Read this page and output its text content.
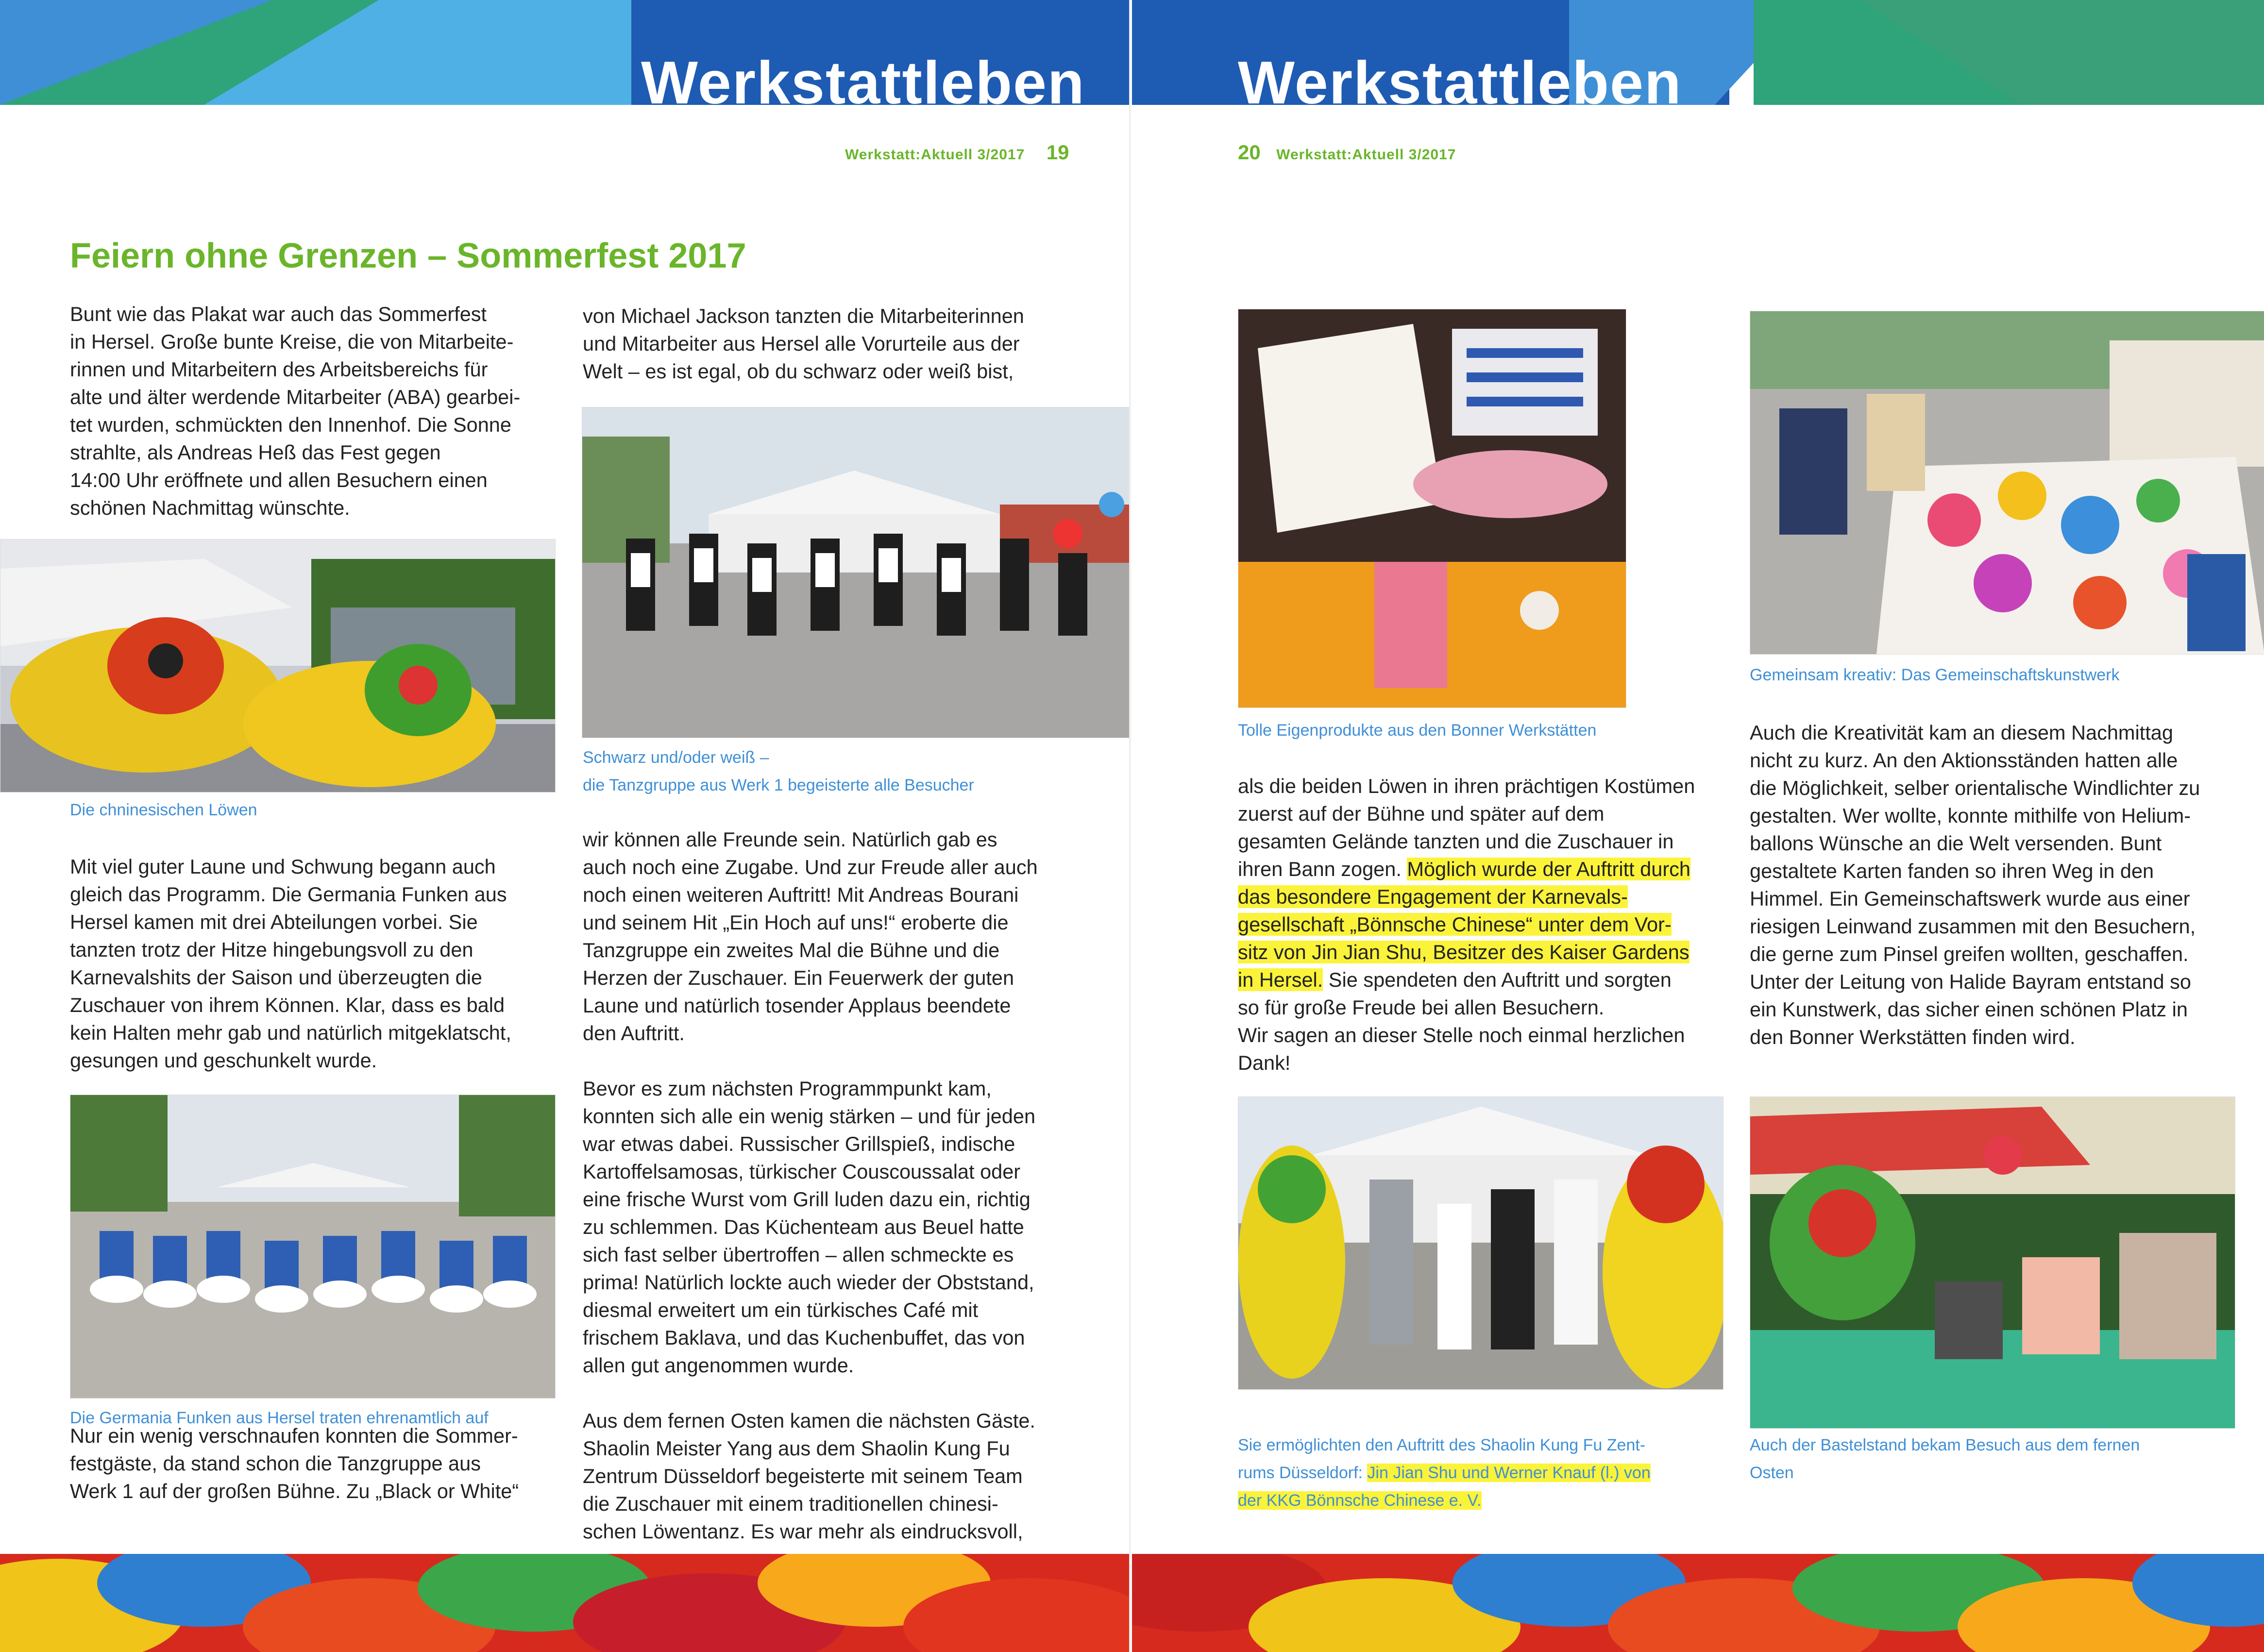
Werkstattleben
Werkstatt:Aktuell 3/2017 19
Feiern ohne Grenzen – Sommerfest 2017

Bunt wie das Plakat war auch das Sommerfest
in Hersel. Große bunte Kreise, die von Mitarbeite-
rinnen und Mitarbeitern des Arbeitsbereichs für
alte und älter werdende Mitarbeiter (ABA) gearbei-
tet wurden, schmückten den Innenhof. Die Sonne
strahlte, als Andreas Heß das Fest gegen
14:00 Uhr eröffnete und allen Besuchern einen
schönen Nachmittag wünschte.

Die chninesischen Löwen

Mit viel guter Laune und Schwung begann auch
gleich das Programm. Die Germania Funken aus
Hersel kamen mit drei Abteilungen vorbei. Sie
tanzten trotz der Hitze hingebungsvoll zu den
Karnevalshits der Saison und überzeugten die
Zuschauer von ihrem Können. Klar, dass es bald
kein Halten mehr gab und natürlich mitgeklatscht,
gesungen und geschunkelt wurde.

Die Germania Funken aus Hersel traten ehrenamtlich auf

Nur ein wenig verschnaufen konnten die Sommer-
festgäste, da stand schon die Tanzgruppe aus
Werk 1 auf der großen Bühne. Zu „Black or White“

von Michael Jackson tanzten die Mitarbeiterinnen
und Mitarbeiter aus Hersel alle Vorurteile aus der
Welt – es ist egal, ob du schwarz oder weiß bist,

Schwarz und/oder weiß –
die Tanzgruppe aus Werk 1 begeisterte alle Besucher

wir können alle Freunde sein. Natürlich gab es
auch noch eine Zugabe. Und zur Freude aller auch
noch einen weiteren Auftritt! Mit Andreas Bourani
und seinem Hit „Ein Hoch auf uns!“ eroberte die
Tanzgruppe ein zweites Mal die Bühne und die
Herzen der Zuschauer. Ein Feuerwerk der guten
Laune und natürlich tosender Applaus beendete
den Auftritt.

Bevor es zum nächsten Programmpunkt kam,
konnten sich alle ein wenig stärken – und für jeden
war etwas dabei. Russischer Grillspieß, indische
Kartoffelsamosas, türkischer Couscoussalat oder
eine frische Wurst vom Grill luden dazu ein, richtig
zu schlemmen. Das Küchenteam aus Beuel hatte
sich fast selber übertroffen – allen schmeckte es
prima! Natürlich lockte auch wieder der Obststand,
diesmal erweitert um ein türkisches Café mit
frischem Baklava, und das Kuchenbuffet, das von
allen gut angenommen wurde.

Aus dem fernen Osten kamen die nächsten Gäste.
Shaolin Meister Yang aus dem Shaolin Kung Fu
Zentrum Düsseldorf begeisterte mit seinem Team
die Zuschauer mit einem traditionellen chinesi-
schen Löwentanz. Es war mehr als eindrucksvoll,

Werkstattleben
20 Werkstatt:Aktuell 3/2017
Tolle Eigenprodukte aus den Bonner Werkstätten

als die beiden Löwen in ihren prächtigen Kostümen
zuerst auf der Bühne und später auf dem
gesamten Gelände tanzten und die Zuschauer in
ihren Bann zogen. Möglich wurde der Auftritt durch
das besondere Engagement der Karnevals-
gesellschaft „Bönnsche Chinese“ unter dem Vor-
sitz von Jin Jian Shu, Besitzer des Kaiser Gardens
in Hersel. Sie spendeten den Auftritt und sorgten
so für große Freude bei allen Besuchern.
Wir sagen an dieser Stelle noch einmal herzlichen
Dank!

Sie ermöglichten den Auftritt des Shaolin Kung Fu Zent-
rums Düsseldorf: Jin Jian Shu und Werner Knauf (l.) von
der KKG Bönnsche Chinese e. V.
Gemeinsam kreativ: Das Gemeinschaftskunstwerk

Auch die Kreativität kam an diesem Nachmittag
nicht zu kurz. An den Aktionsständen hatten alle
die Möglichkeit, selber orientalische Windlichter zu
gestalten. Wer wollte, konnte mithilfe von Helium-
ballons Wünsche an die Welt versenden. Bunt
gestaltete Karten fanden so ihren Weg in den
Himmel. Ein Gemeinschaftswerk wurde aus einer
riesigen Leinwand zusammen mit den Besuchern,
die gerne zum Pinsel greifen wollten, geschaffen.
Unter der Leitung von Halide Bayram entstand so
ein Kunstwerk, das sicher einen schönen Platz in
den Bonner Werkstätten finden wird.

Auch der Bastelstand bekam Besuch aus dem fernen
Osten
